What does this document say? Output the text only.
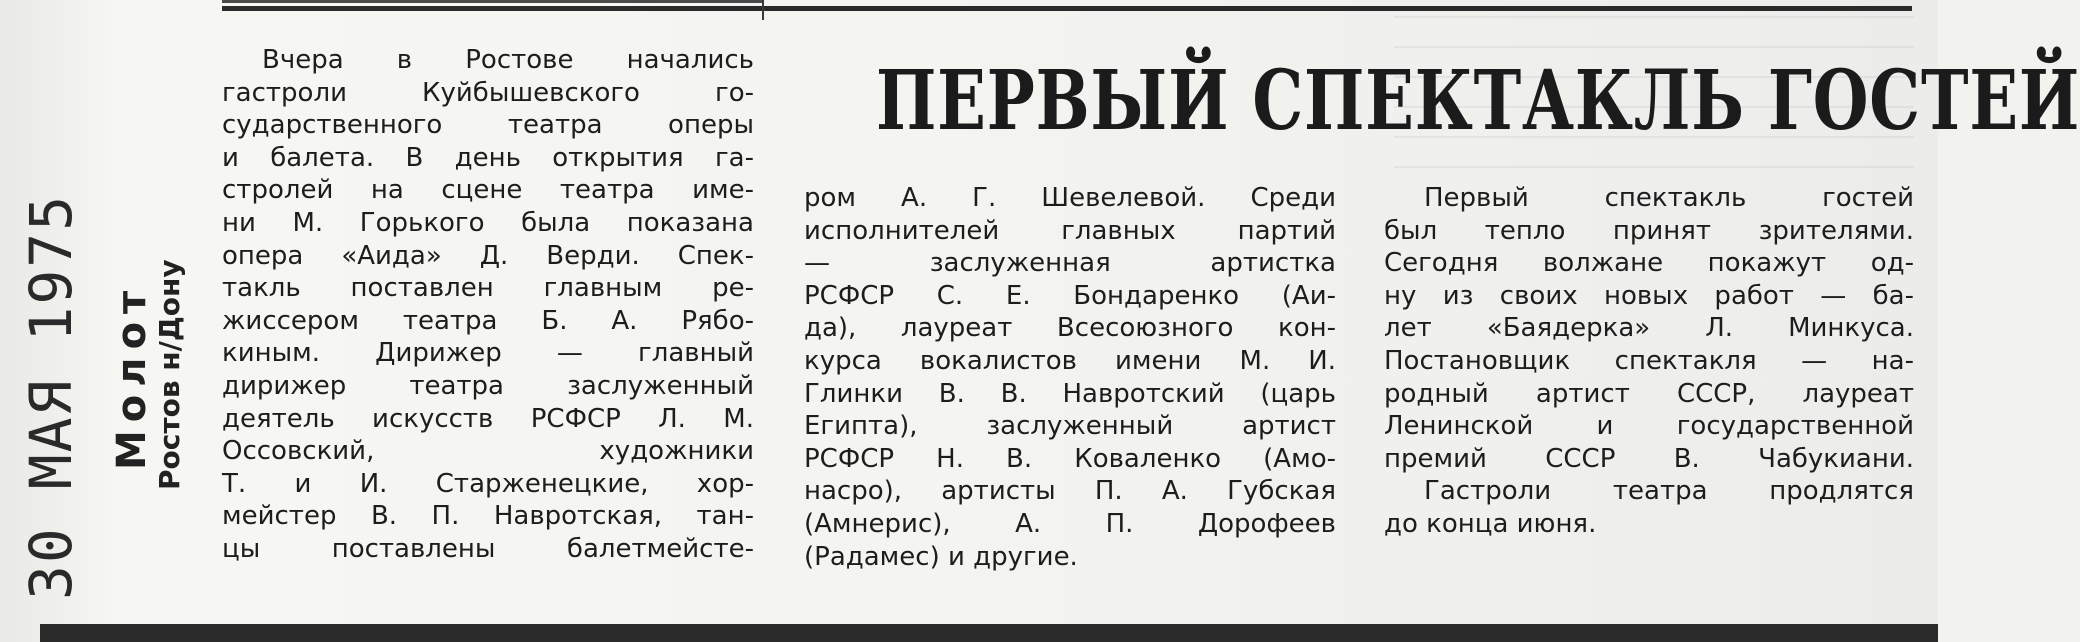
30 МАЯ 1975 Молот
Ростов н/Дону
ПЕРВЫЙ СПЕКТАКЛЬ ГОСТЕЙ
Вчера в Ростове начались
гастроли Куйбышевского го-
сударственного театра оперы
и балета. В день открытия га-
стролей на сцене театра име-
ни М. Горького была показана
опера «Аида» Д. Верди. Спек-
такль поставлен главным ре-
жиссером театра Б. А. Рябо-
киным. Дирижер — главный
дирижер театра заслуженный
деятель искусств РСФСР Л. М.
Оссовский, художники
Т. и И. Старженецкие, хор-
мейстер В. П. Навротская, тан-
цы поставлены балетмейсте-
ром А. Г. Шевелевой. Среди
исполнителей главных партий
— заслуженная артистка
РСФСР С. Е. Бондаренко (Аи-
да), лауреат Всесоюзного кон-
курса вокалистов имени М. И.
Глинки В. В. Навротский (царь
Египта), заслуженный артист
РСФСР Н. В. Коваленко (Амо-
насро), артисты П. А. Губская
(Амнерис), А. П. Дорофеев
(Радамес) и другие.
Первый спектакль гостей
был тепло принят зрителями.
Сегодня волжане покажут од-
ну из своих новых работ — ба-
лет «Баядерка» Л. Минкуса.
Постановщик спектакля — на-
родный артист СССР, лауреат
Ленинской и государственной
премий СССР В. Чабукиани.
Гастроли театра продлятся
до конца июня.
